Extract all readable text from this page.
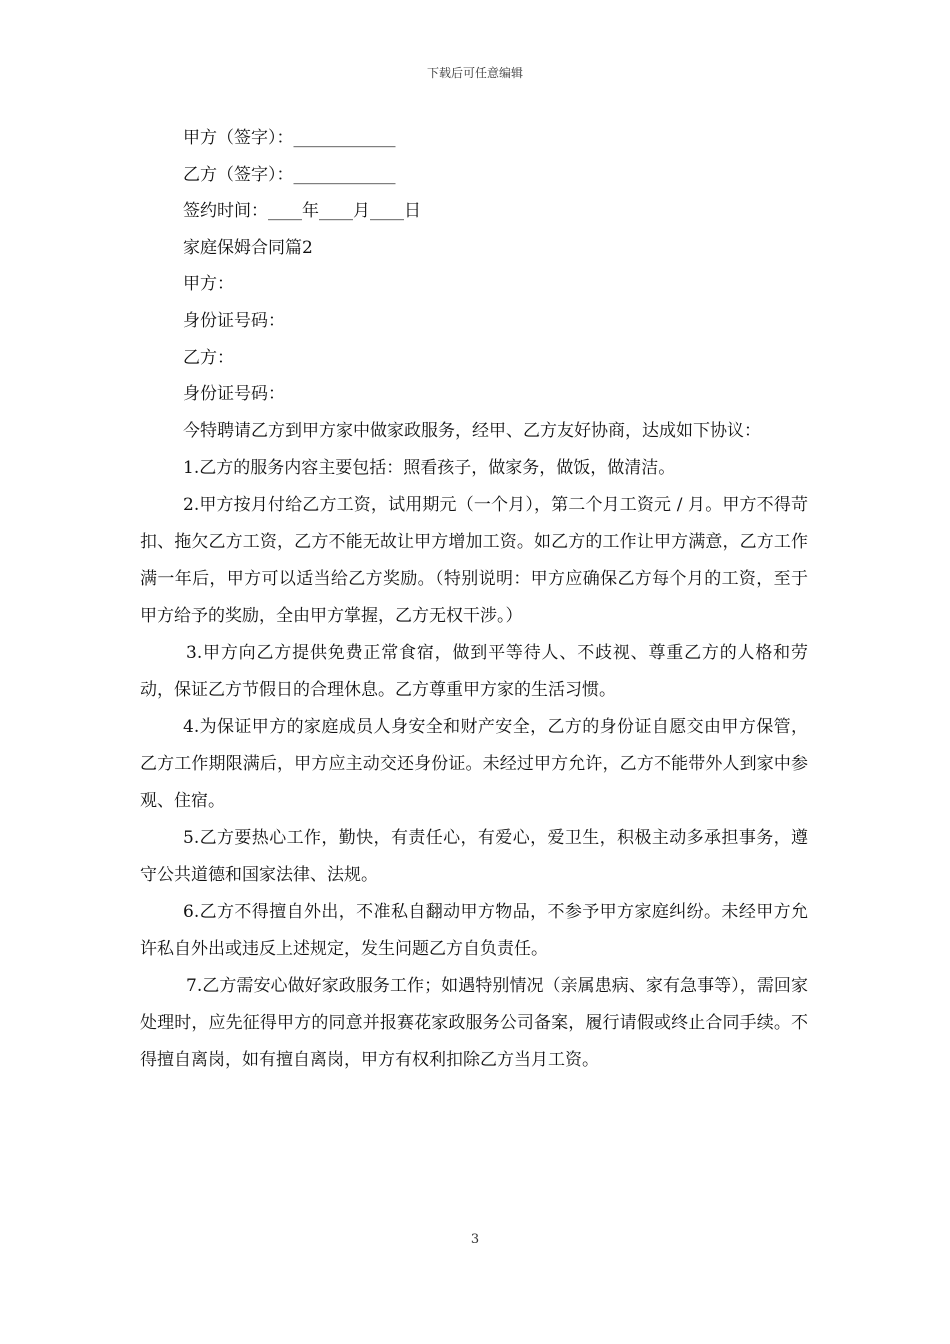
下载后可任意编辑
甲方（签字）：____________
乙方（签字）：____________
签约时间：____年____月____日
家庭保姆合同篇2
甲方：
身份证号码：
乙方：
身份证号码：

今特聘请乙方到甲方家中做家政服务，经甲、乙方友好协商，达成如下协议：

1.乙方的服务内容主要包括：照看孩子，做家务，做饭，做清洁。

2.甲方按月付给乙方工资，试用期元（一个月），第二个月工资元 / 月。甲方不得苛扣、拖欠乙方工资，乙方不能无故让甲方增加工资。如乙方的工作让甲方满意，乙方工作满一年后，甲方可以适当给乙方奖励。（特别说明：甲方应确保乙方每个月的工资，至于甲方给予的奖励，全由甲方掌握，乙方无权干涉。）

3.甲方向乙方提供免费正常食宿，做到平等待人、不歧视、尊重乙方的人格和劳动，保证乙方节假日的合理休息。乙方尊重甲方家的生活习惯。

4.为保证甲方的家庭成员人身安全和财产安全，乙方的身份证自愿交由甲方保管，乙方工作期限满后，甲方应主动交还身份证。未经过甲方允许，乙方不能带外人到家中参观、住宿。

5.乙方要热心工作，勤快，有责任心，有爱心，爱卫生，积极主动多承担事务，遵守公共道德和国家法律、法规。

6.乙方不得擅自外出，不准私自翻动甲方物品，不参予甲方家庭纠纷。未经甲方允许私自外出或违反上述规定，发生问题乙方自负责任。

7.乙方需安心做好家政服务工作；如遇特别情况（亲属患病、家有急事等），需回家处理时，应先征得甲方的同意并报赛花家政服务公司备案，履行请假或终止合同手续。不得擅自离岗，如有擅自离岗，甲方有权利扣除乙方当月工资。

3
